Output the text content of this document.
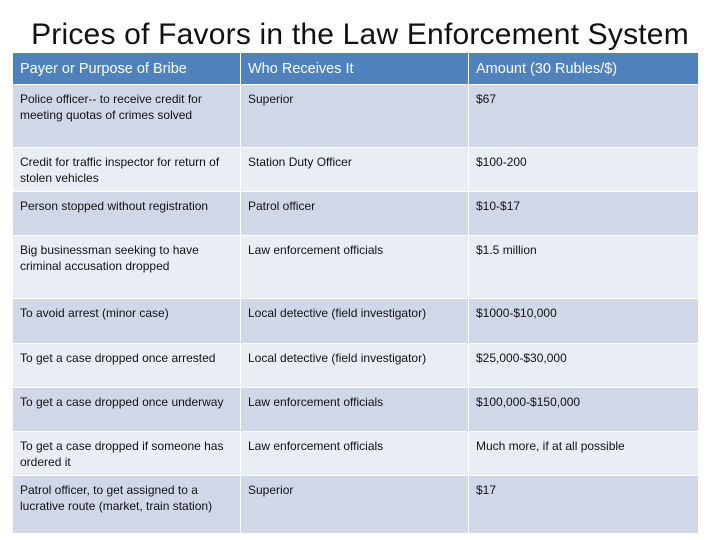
Prices of Favors in the Law Enforcement System
Payer or Purpose of Bribe	Who Receives It	Amount (30 Rubles/$)
Police officer-- to receive credit for meeting quotas of crimes solved	Superior	$67
Credit for traffic inspector for return of stolen vehicles	Station Duty Officer	$100-200
Person stopped without registration	Patrol officer	$10-$17
Big businessman seeking to have criminal accusation dropped	Law enforcement officials	$1.5 million
To avoid arrest (minor case)	Local detective (field investigator)	$1000-$10,000
To get a case dropped once arrested	Local detective (field investigator)	$25,000-$30,000
To get a case dropped once underway	Law enforcement officials	$100,000-$150,000
To get a case dropped if someone has ordered it	Law enforcement officials	Much more, if at all possible
Patrol officer, to get assigned to a lucrative route (market, train station)	Superior	$17
